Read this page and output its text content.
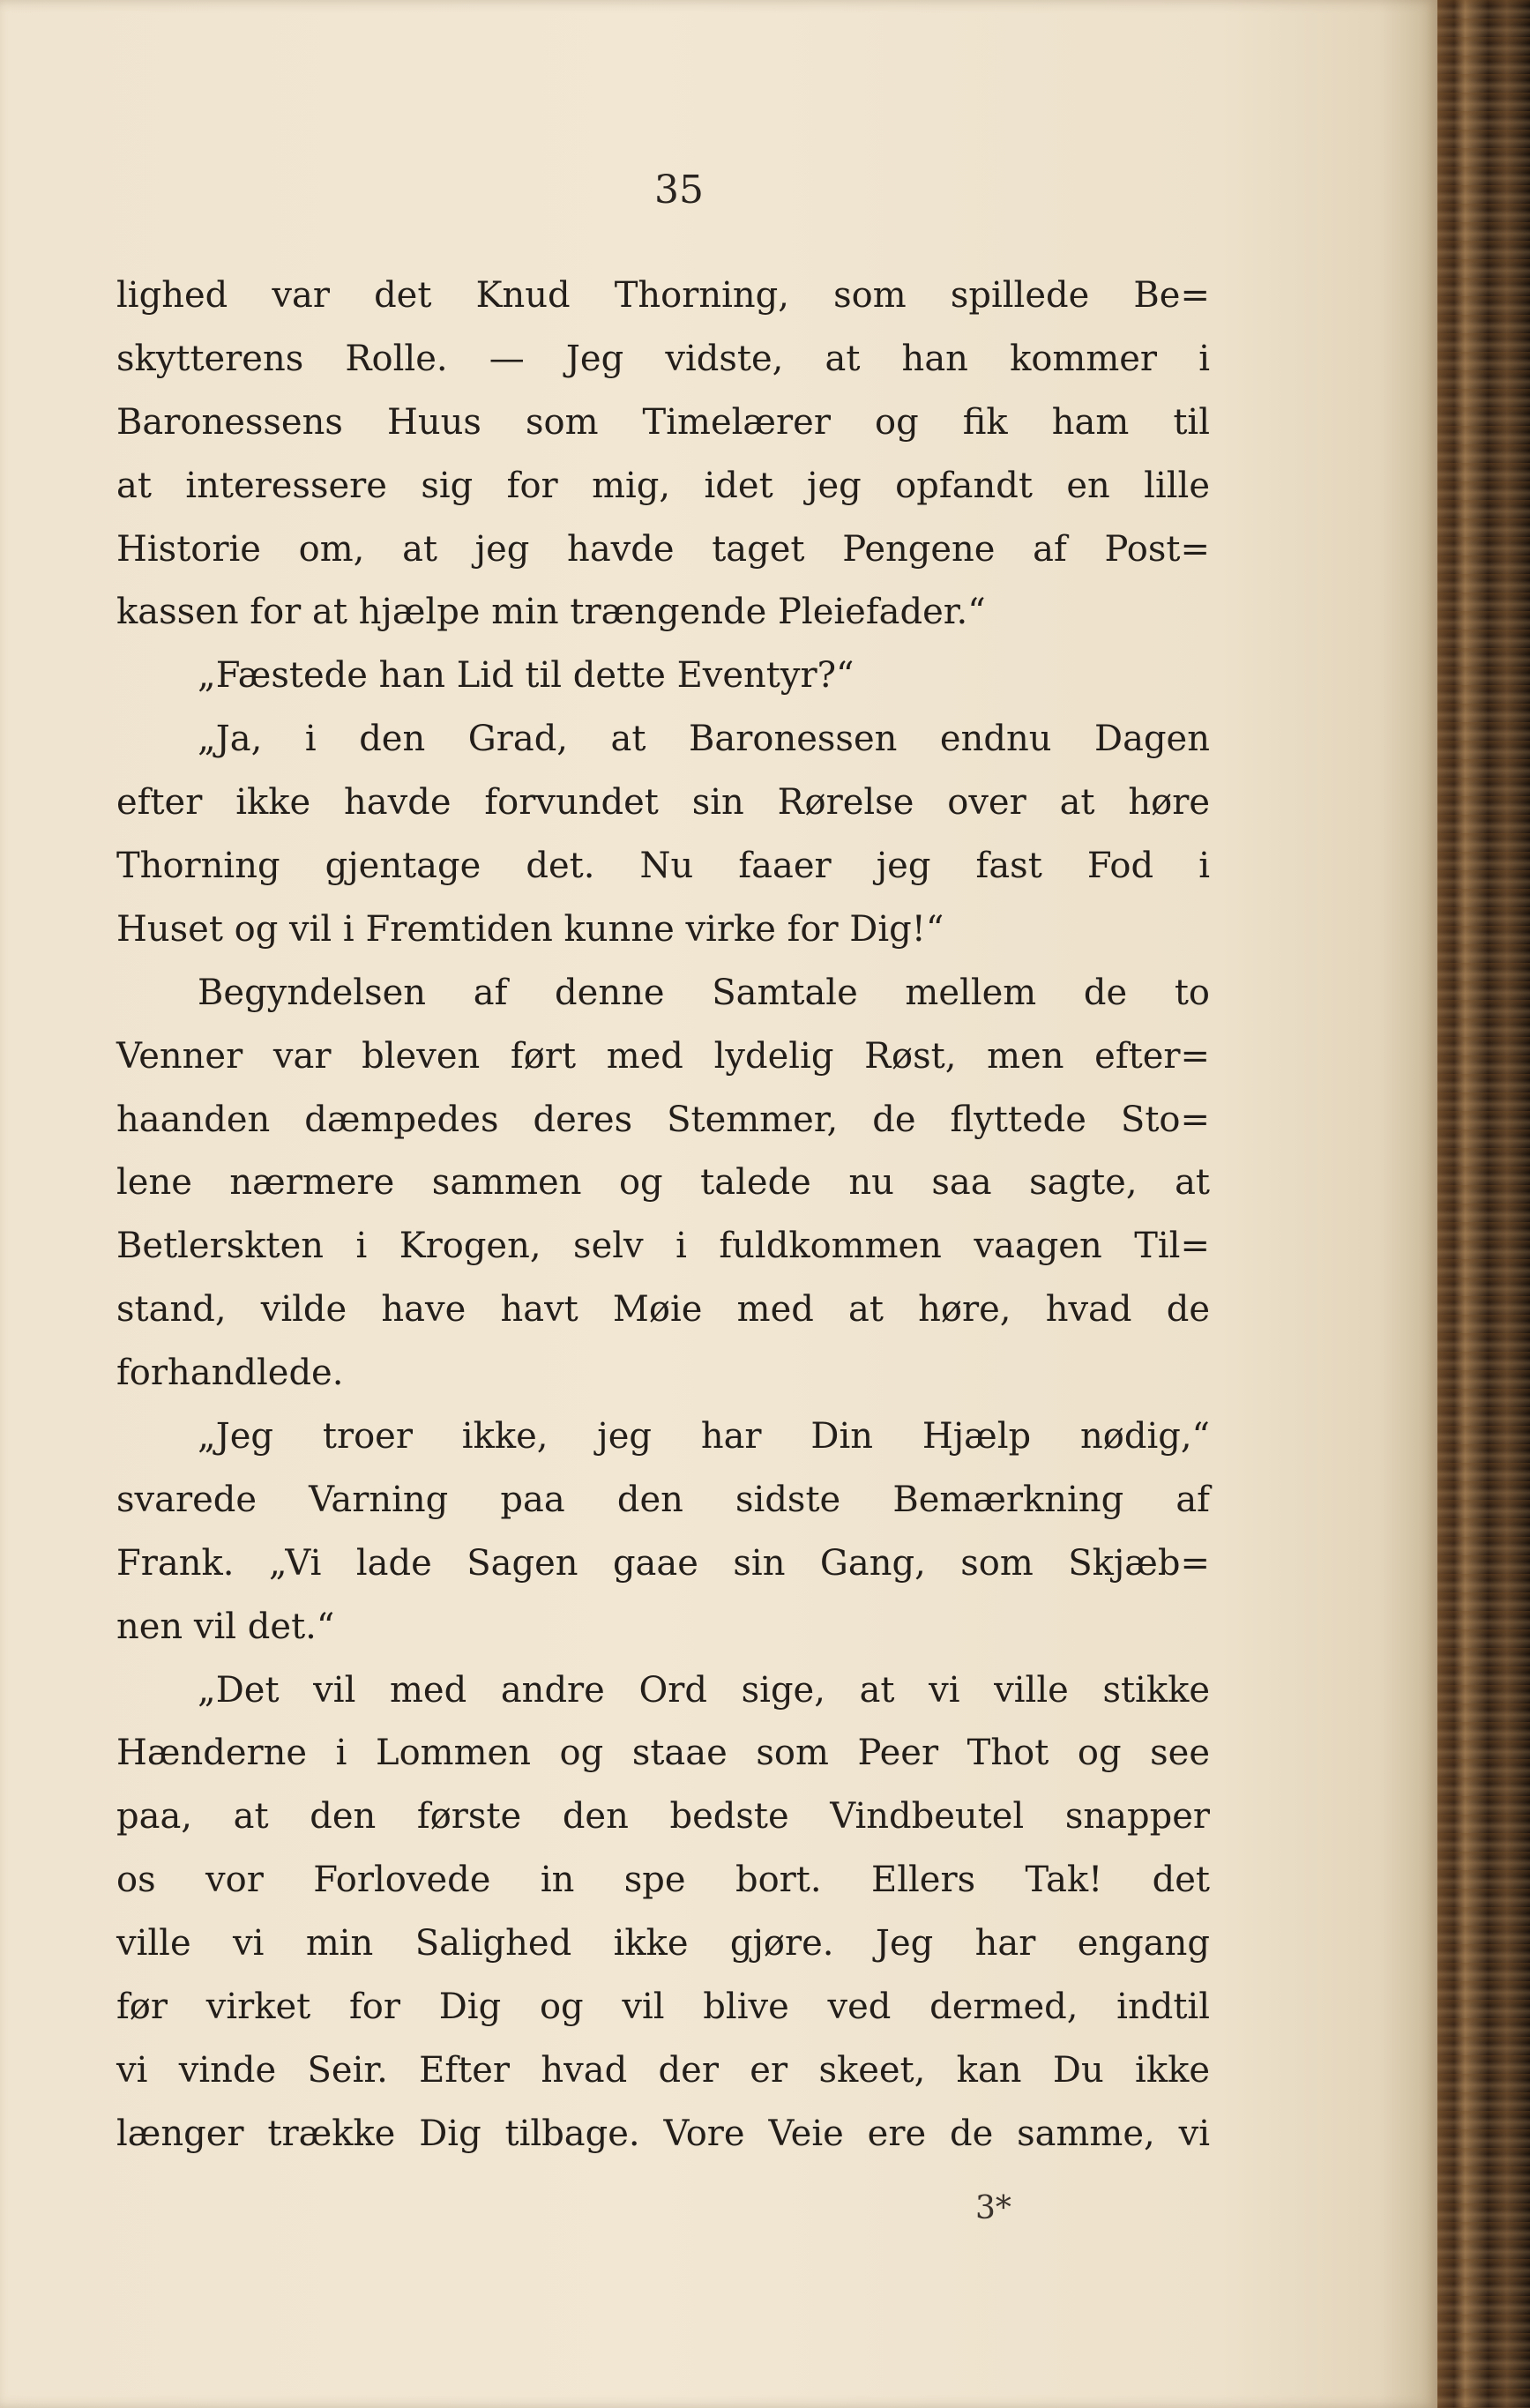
35
lighed var det Knud Thorning, som spillede Be=
skytterens Rolle. — Jeg vidste, at han kommer i
Baronessens Huus som Timelærer og fik ham til
at interessere sig for mig, idet jeg opfandt en lille
Historie om, at jeg havde taget Pengene af Post=
kassen for at hjælpe min trængende Pleiefader.“
„Fæstede han Lid til dette Eventyr?“
„Ja, i den Grad, at Baronessen endnu Dagen
efter ikke havde forvundet sin Rørelse over at høre
Thorning gjentage det. Nu faaer jeg fast Fod i
Huset og vil i Fremtiden kunne virke for Dig!“
Begyndelsen af denne Samtale mellem de to
Venner var bleven ført med lydelig Røst, men efter=
haanden dæmpedes deres Stemmer, de flyttede Sto=
lene nærmere sammen og talede nu saa sagte, at
Betlerskten i Krogen, selv i fuldkommen vaagen Til=
stand, vilde have havt Møie med at høre, hvad de
forhandlede.
„Jeg troer ikke, jeg har Din Hjælp nødig,“
svarede Varning paa den sidste Bemærkning af
Frank. „Vi lade Sagen gaae sin Gang, som Skjæb=
nen vil det.“
„Det vil med andre Ord sige, at vi ville stikke
Hænderne i Lommen og staae som Peer Thot og see
paa, at den første den bedste Vindbeutel snapper
os vor Forlovede in spe bort. Ellers Tak! det
ville vi min Salighed ikke gjøre. Jeg har engang
før virket for Dig og vil blive ved dermed, indtil
vi vinde Seir. Efter hvad der er skeet, kan Du ikke
længer trække Dig tilbage. Vore Veie ere de samme, vi
3*
